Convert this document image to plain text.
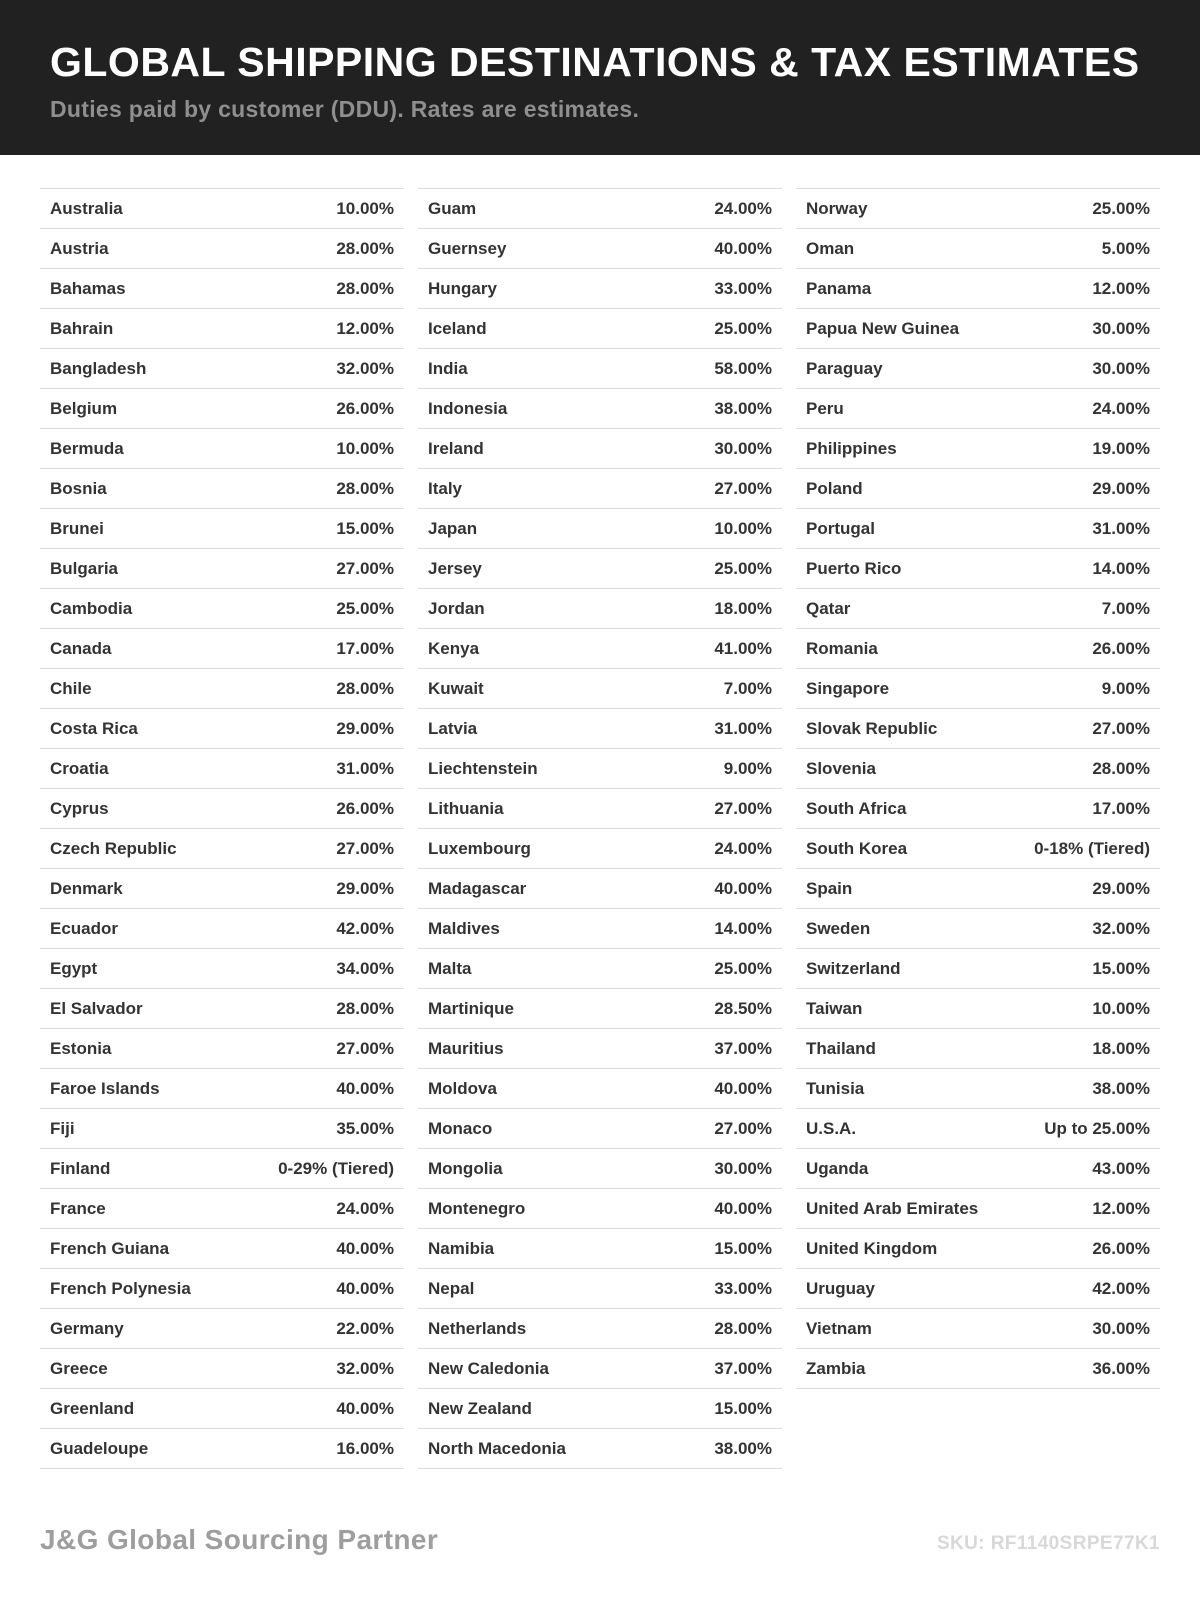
GLOBAL SHIPPING DESTINATIONS & TAX ESTIMATES

Duties paid by customer (DDU). Rates are estimates.

Australia	10.00%
Austria	28.00%
Bahamas	28.00%
Bahrain	12.00%
Bangladesh	32.00%
Belgium	26.00%
Bermuda	10.00%
Bosnia	28.00%
Brunei	15.00%
Bulgaria	27.00%
Cambodia	25.00%
Canada	17.00%
Chile	28.00%
Costa Rica	29.00%
Croatia	31.00%
Cyprus	26.00%
Czech Republic	27.00%
Denmark	29.00%
Ecuador	42.00%
Egypt	34.00%
El Salvador	28.00%
Estonia	27.00%
Faroe Islands	40.00%
Fiji	35.00%
Finland	0-29% (Tiered)
France	24.00%
French Guiana	40.00%
French Polynesia	40.00%
Germany	22.00%
Greece	32.00%
Greenland	40.00%
Guadeloupe	16.00%
Guam	24.00%
Guernsey	40.00%
Hungary	33.00%
Iceland	25.00%
India	58.00%
Indonesia	38.00%
Ireland	30.00%
Italy	27.00%
Japan	10.00%
Jersey	25.00%
Jordan	18.00%
Kenya	41.00%
Kuwait	7.00%
Latvia	31.00%
Liechtenstein	9.00%
Lithuania	27.00%
Luxembourg	24.00%
Madagascar	40.00%
Maldives	14.00%
Malta	25.00%
Martinique	28.50%
Mauritius	37.00%
Moldova	40.00%
Monaco	27.00%
Mongolia	30.00%
Montenegro	40.00%
Namibia	15.00%
Nepal	33.00%
Netherlands	28.00%
New Caledonia	37.00%
New Zealand	15.00%
North Macedonia	38.00%
Norway	25.00%
Oman	5.00%
Panama	12.00%
Papua New Guinea	30.00%
Paraguay	30.00%
Peru	24.00%
Philippines	19.00%
Poland	29.00%
Portugal	31.00%
Puerto Rico	14.00%
Qatar	7.00%
Romania	26.00%
Singapore	9.00%
Slovak Republic	27.00%
Slovenia	28.00%
South Africa	17.00%
South Korea	0-18% (Tiered)
Spain	29.00%
Sweden	32.00%
Switzerland	15.00%
Taiwan	10.00%
Thailand	18.00%
Tunisia	38.00%
U.S.A.	Up to 25.00%
Uganda	43.00%
United Arab Emirates	12.00%
United Kingdom	26.00%
Uruguay	42.00%
Vietnam	30.00%
Zambia	36.00%
J&G Global Sourcing Partner	SKU: RF1140SRPE77K1
